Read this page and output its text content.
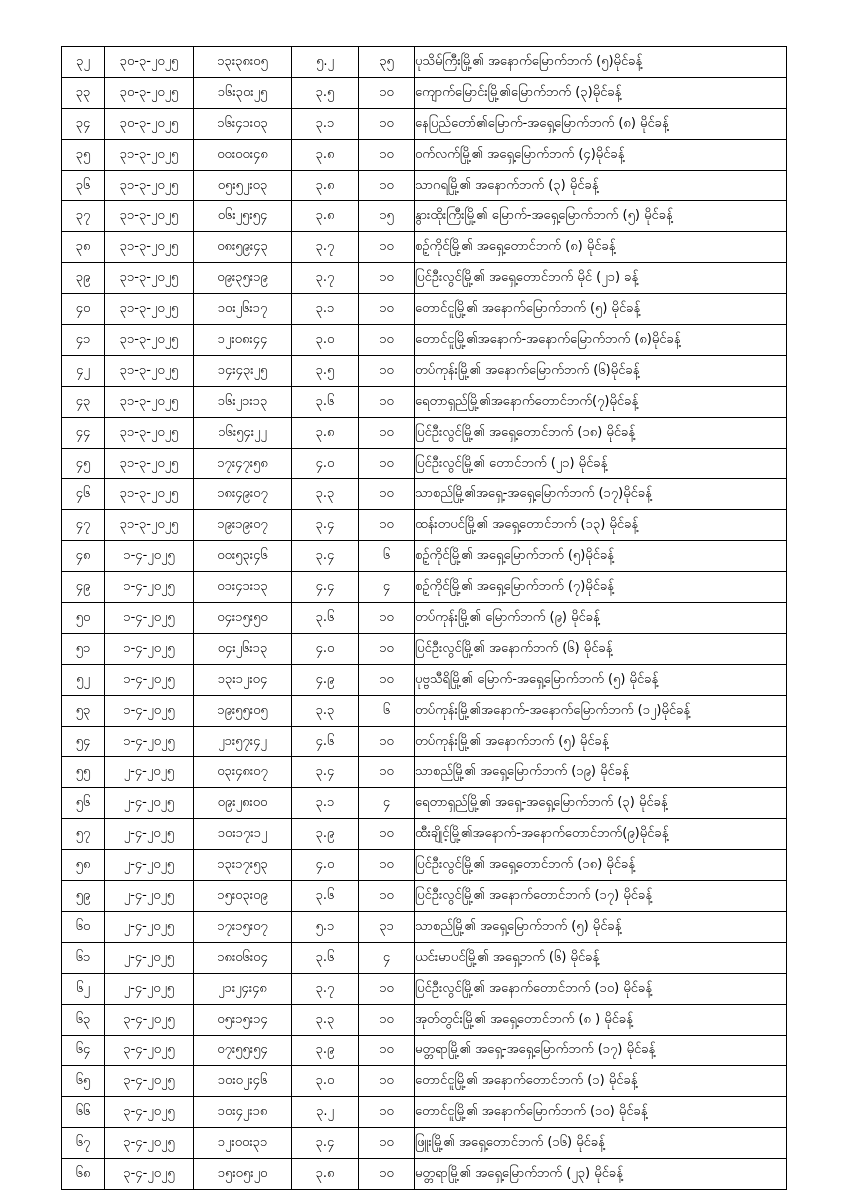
၃၂	၃၀-၃-၂၀၂၅	၁၃း၃၈း၀၅	၅.၂	၃၅	ပုသိမ်ကြီးမြို့၏ အနောက်မြောက်ဘက် (၅)မိုင်ခန့်
၃၃	၃၀-၃-၂၀၂၅	၁၆း၃၀း၂၅	၃.၅	၁၀	ကျောက်မြောင်းမြို့၏မြောက်ဘက် (၃)မိုင်ခန့်
၃၄	၃၀-၃-၂၀၂၅	၁၆း၄၁း၀၃	၃.၁	၁၀	နေပြည်တော်၏မြောက်-အရှေ့မြောက်ဘက် (၈) မိုင်ခန့်
၃၅	၃၁-၃-၂၀၂၅	၀၀း၀၀း၄၈	၃.၈	၁၀	ဝက်လက်မြို့၏ အရှေ့မြောက်ဘက် (၄)မိုင်ခန့်
၃၆	၃၁-၃-၂၀၂၅	၀၅း၅၂း၀၃	၃.၈	၁၀	သာဂရမြို့၏ အနောက်ဘက် (၃) မိုင်ခန့်
၃၇	၃၁-၃-၂၀၂၅	၀၆း၂၅း၅၄	၃.၈	၁၅	နွားထိုးကြီးမြို့၏ မြောက်-အရှေ့မြောက်ဘက် (၅) မိုင်ခန့်
၃၈	၃၁-၃-၂၀၂၅	၀၈း၅၉း၄၃	၃.၇	၁၀	စဉ့်ကိုင်မြို့၏ အရှေ့တောင်ဘက် (၈) မိုင်ခန့်
၃၉	၃၁-၃-၂၀၂၅	၀၉း၃၅း၁၉	၃.၇	၁၀	ပြင်ဦးလွင်မြို့၏ အရှေ့တောင်ဘက် မိုင် (၂၁) ခန့်
၄၀	၃၁-၃-၂၀၂၅	၁၀း၂၆း၁၇	၃.၁	၁၀	တောင်ငူမြို့၏ အနောက်မြောက်ဘက် (၅) မိုင်ခန့်
၄၁	၃၁-၃-၂၀၂၅	၁၂း၀၈း၄၄	၃.၀	၁၀	တောင်ငူမြို့၏အနောက်-အနောက်မြောက်ဘက် (၈)မိုင်ခန့်
၄၂	၃၁-၃-၂၀၂၅	၁၄း၄၃း၂၅	၃.၅	၁၀	တပ်ကုန်းမြို့၏ အနောက်မြောက်ဘက် (၆)မိုင်ခန့်
၄၃	၃၁-၃-၂၀၂၅	၁၆း၂၁း၁၃	၃.၆	၁၀	ရေတာရှည်မြို့၏အနောက်တောင်ဘက်(၇)မိုင်ခန့်
၄၄	၃၁-၃-၂၀၂၅	၁၆း၅၄း၂၂	၃.၈	၁၀	ပြင်ဦးလွင်မြို့၏ အရှေ့တောင်ဘက် (၁၈) မိုင်ခန့်
၄၅	၃၁-၃-၂၀၂၅	၁၇း၄၇း၅၈	၄.၀	၁၀	ပြင်ဦးလွင်မြို့၏ တောင်ဘက် (၂၁) မိုင်ခန့်
၄၆	၃၁-၃-၂၀၂၅	၁၈း၄၉း၀၇	၃.၃	၁၀	သာစည်မြို့၏အရှေ့-အရှေ့မြောက်ဘက် (၁၇)မိုင်ခန့်
၄၇	၃၁-၃-၂၀၂၅	၁၉း၁၉း၀၇	၃.၄	၁၀	ထန်းတပင်မြို့၏ အရှေ့တောင်ဘက် (၁၃) မိုင်ခန့်
၄၈	၁-၄-၂၀၂၅	၀၀း၅၃း၄၆	၃.၄	၆	စဉ့်ကိုင်မြို့၏ အရှေ့မြောက်ဘက် (၅)မိုင်ခန့်
၄၉	၁-၄-၂၀၂၅	၀၁း၄၁း၁၃	၄.၄	၄	စဉ့်ကိုင်မြို့၏ အရှေ့မြောက်ဘက် (၇)မိုင်ခန့်
၅၀	၁-၄-၂၀၂၅	၀၄း၁၅း၅၀	၃.၆	၁၀	တပ်ကုန်းမြို့၏ မြောက်ဘက် (၉) မိုင်ခန့်
၅၁	၁-၄-၂၀၂၅	၀၄း၂၆း၁၃	၄.၀	၁၀	ပြင်ဦးလွင်မြို့၏ အနောက်ဘက် (၆) မိုင်ခန့်
၅၂	၁-၄-၂၀၂၅	၁၃း၁၂း၀၄	၄.၉	၁၀	ပုဗ္ဗသီရိမြို့၏ မြောက်-အရှေ့မြောက်ဘက် (၅) မိုင်ခန့်
၅၃	၁-၄-၂၀၂၅	၁၉း၅၅း၀၅	၃.၃	၆	တပ်ကုန်းမြို့၏အနောက်-အနောက်မြောက်ဘက် (၁၂)မိုင်ခန့်
၅၄	၁-၄-၂၀၂၅	၂၁း၅၇း၄၂	၄.၆	၁၀	တပ်ကုန်းမြို့၏ အနောက်ဘက် (၅) မိုင်ခန့်
၅၅	၂-၄-၂၀၂၅	၀၃း၄၈း၀၇	၃.၄	၁၀	သာစည်မြို့၏ အရှေ့မြောက်ဘက် (၁၉) မိုင်ခန့်
၅၆	၂-၄-၂၀၂၅	၀၉း၂၈း၀၀	၃.၁	၄	ရေတာရှည်မြို့၏ အရှေ့-အရှေ့မြောက်ဘက် (၃) မိုင်ခန့်
၅၇	၂-၄-၂၀၂၅	၁၀း၁၇း၁၂	၃.၉	၁၀	ထီးချိုင့်မြို့၏အနောက်-အနောက်တောင်ဘက်(၉)မိုင်ခန့်
၅၈	၂-၄-၂၀၂၅	၁၃း၁၇း၅၃	၄.၀	၁၀	ပြင်ဦးလွင်မြို့၏ အရှေ့တောင်ဘက် (၁၈) မိုင်ခန့်
၅၉	၂-၄-၂၀၂၅	၁၅း၀၃း၀၉	၃.၆	၁၀	ပြင်ဦးလွင်မြို့၏ အနောက်တောင်ဘက် (၁၇) မိုင်ခန့်
၆၀	၂-၄-၂၀၂၅	၁၇း၁၅း၀၇	၅.၁	၃၁	သာစည်မြို့၏ အရှေ့မြောက်ဘက် (၅) မိုင်ခန့်
၆၁	၂-၄-၂၀၂၅	၁၈း၀၆း၀၄	၃.၆	၄	ယင်းမာပင်မြို့၏ အရှေ့ဘက် (၆) မိုင်ခန့်
၆၂	၂-၄-၂၀၂၅	၂၁း၂၄း၄၈	၃.၇	၁၀	ပြင်ဦးလွင်မြို့၏ အနောက်တောင်ဘက် (၁၀) မိုင်ခန့်
၆၃	၃-၄-၂၀၂၅	၀၅း၁၅း၁၄	၃.၃	၁၀	အုတ်တွင်းမြို့၏ အရှေ့တောင်ဘက် (၈ ) မိုင်ခန့်
၆၄	၃-၄-၂၀၂၅	၀၇း၅၅း၅၄	၃.၉	၁၀	မတ္တရာမြို့၏ အရှေ့-အရှေ့မြောက်ဘက် (၁၇) မိုင်ခန့်
၆၅	၃-၄-၂၀၂၅	၁၀း၀၂း၄၆	၃.၀	၁၀	တောင်ငူမြို့၏ အနောက်တောင်ဘက် (၁) မိုင်ခန့်
၆၆	၃-၄-၂၀၂၅	၁၀း၄၂း၁၈	၃.၂	၁၀	တောင်ငူမြို့၏ အနောက်မြောက်ဘက် (၁၀) မိုင်ခန့်
၆၇	၃-၄-၂၀၂၅	၁၂း၀၀း၃၁	၃.၄	၁၀	ဖြူးမြို့၏ အရှေ့တောင်ဘက် (၁၆) မိုင်ခန့်
၆၈	၃-၄-၂၀၂၅	၁၅း၀၅း၂၀	၃.၈	၁၀	မတ္တရာမြို့၏ အရှေ့မြောက်ဘက် (၂၃) မိုင်ခန့်
